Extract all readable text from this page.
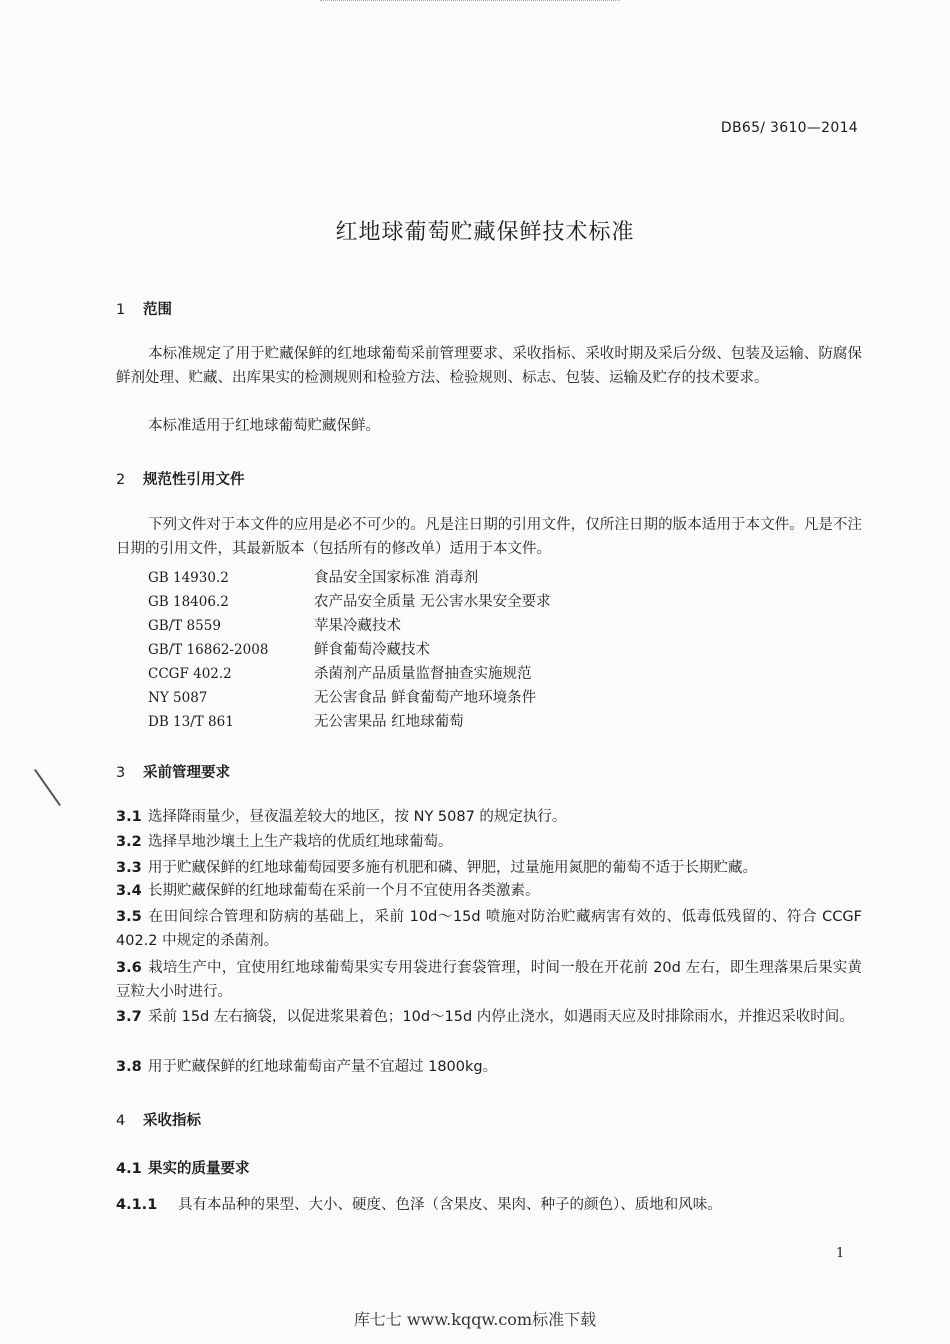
DB65/ 3610—2014
红地球葡萄贮藏保鲜技术标准
1 范围

本标准规定了用于贮藏保鲜的红地球葡萄采前管理要求、采收指标、采收时期及采后分级、包装及运输、防腐保鲜剂处理、贮藏、出库果实的检测规则和检验方法、检验规则、标志、包装、运输及贮存的技术要求。

本标准适用于红地球葡萄贮藏保鲜。

2 规范性引用文件

下列文件对于本文件的应用是必不可少的。凡是注日期的引用文件，仅所注日期的版本适用于本文件。凡是不注日期的引用文件，其最新版本（包括所有的修改单）适用于本文件。

GB 14930.2	食品安全国家标准 消毒剂

GB 18406.2	农产品安全质量 无公害水果安全要求

GB/T 8559	苹果冷藏技术

GB/T 16862-2008	鲜食葡萄冷藏技术

CCGF 402.2	杀菌剂产品质量监督抽查实施规范

NY 5087	无公害食品 鲜食葡萄产地环境条件

DB 13/T 861	无公害果品 红地球葡萄

3 采前管理要求

3.1 选择降雨量少，昼夜温差较大的地区，按 NY 5087 的规定执行。

3.2 选择旱地沙壤土上生产栽培的优质红地球葡萄。

3.3 用于贮藏保鲜的红地球葡萄园要多施有机肥和磷、钾肥，过量施用氮肥的葡萄不适于长期贮藏。

3.4 长期贮藏保鲜的红地球葡萄在采前一个月不宜使用各类激素。

3.5 在田间综合管理和防病的基础上，采前 10d～15d 喷施对防治贮藏病害有效的、低毒低残留的、符合 CCGF 402.2 中规定的杀菌剂。

3.6 栽培生产中，宜使用红地球葡萄果实专用袋进行套袋管理，时间一般在开花前 20d 左右，即生理落果后果实黄豆粒大小时进行。

3.7 采前 15d 左右摘袋，以促进浆果着色；10d～15d 内停止浇水，如遇雨天应及时排除雨水，并推迟采收时间。

3.8 用于贮藏保鲜的红地球葡萄亩产量不宜超过 1800kg。

4 采收指标
4.1 果实的质量要求

4.1.1 具有本品种的果型、大小、硬度、色泽（含果皮、果肉、种子的颜色）、质地和风味。

1
库七七 www.kqqw.com标准下载
